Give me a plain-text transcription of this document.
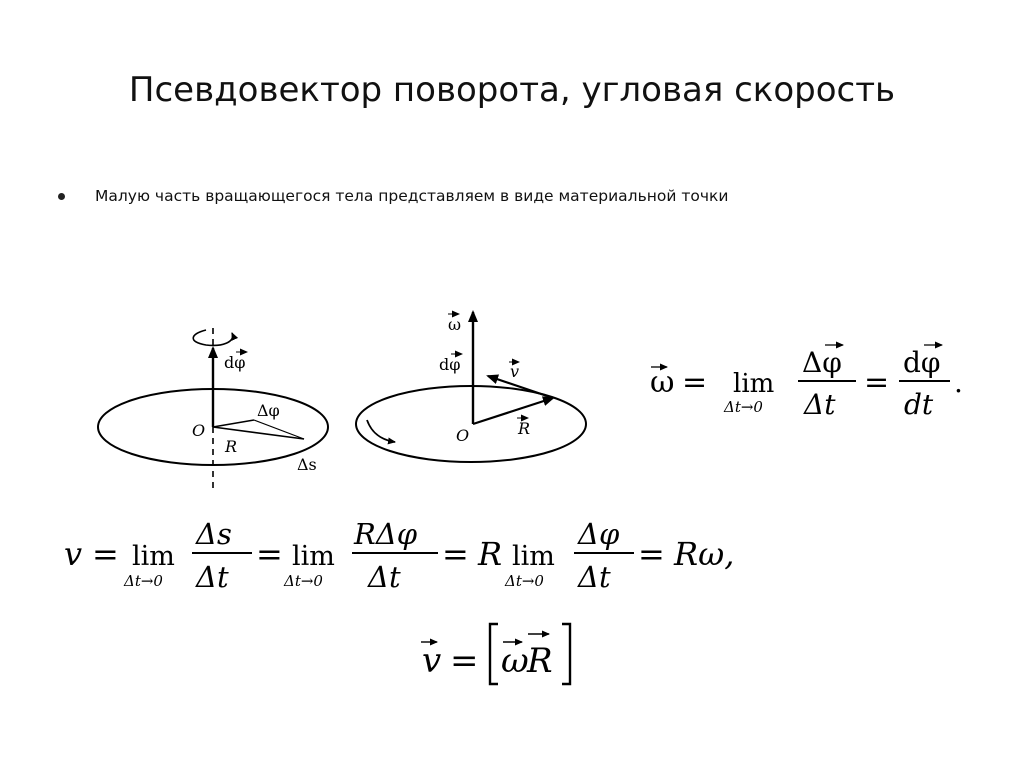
Псевдовектор поворота, угловая скорость
Малую часть вращающегося тела представляем в виде материальной точки
dφ
O
R
Δφ
Δs
ω
dφ	v
O	R
ω = lim
Δt→0
Δφ
Δt
=
dφ
dt
.
v = lim
Δt→0
Δs
Δt
= lim
Δt→0
RΔφ
Δt
= R lim
Δt→0
Δφ
Δt
= Rω,
v = ω
R
